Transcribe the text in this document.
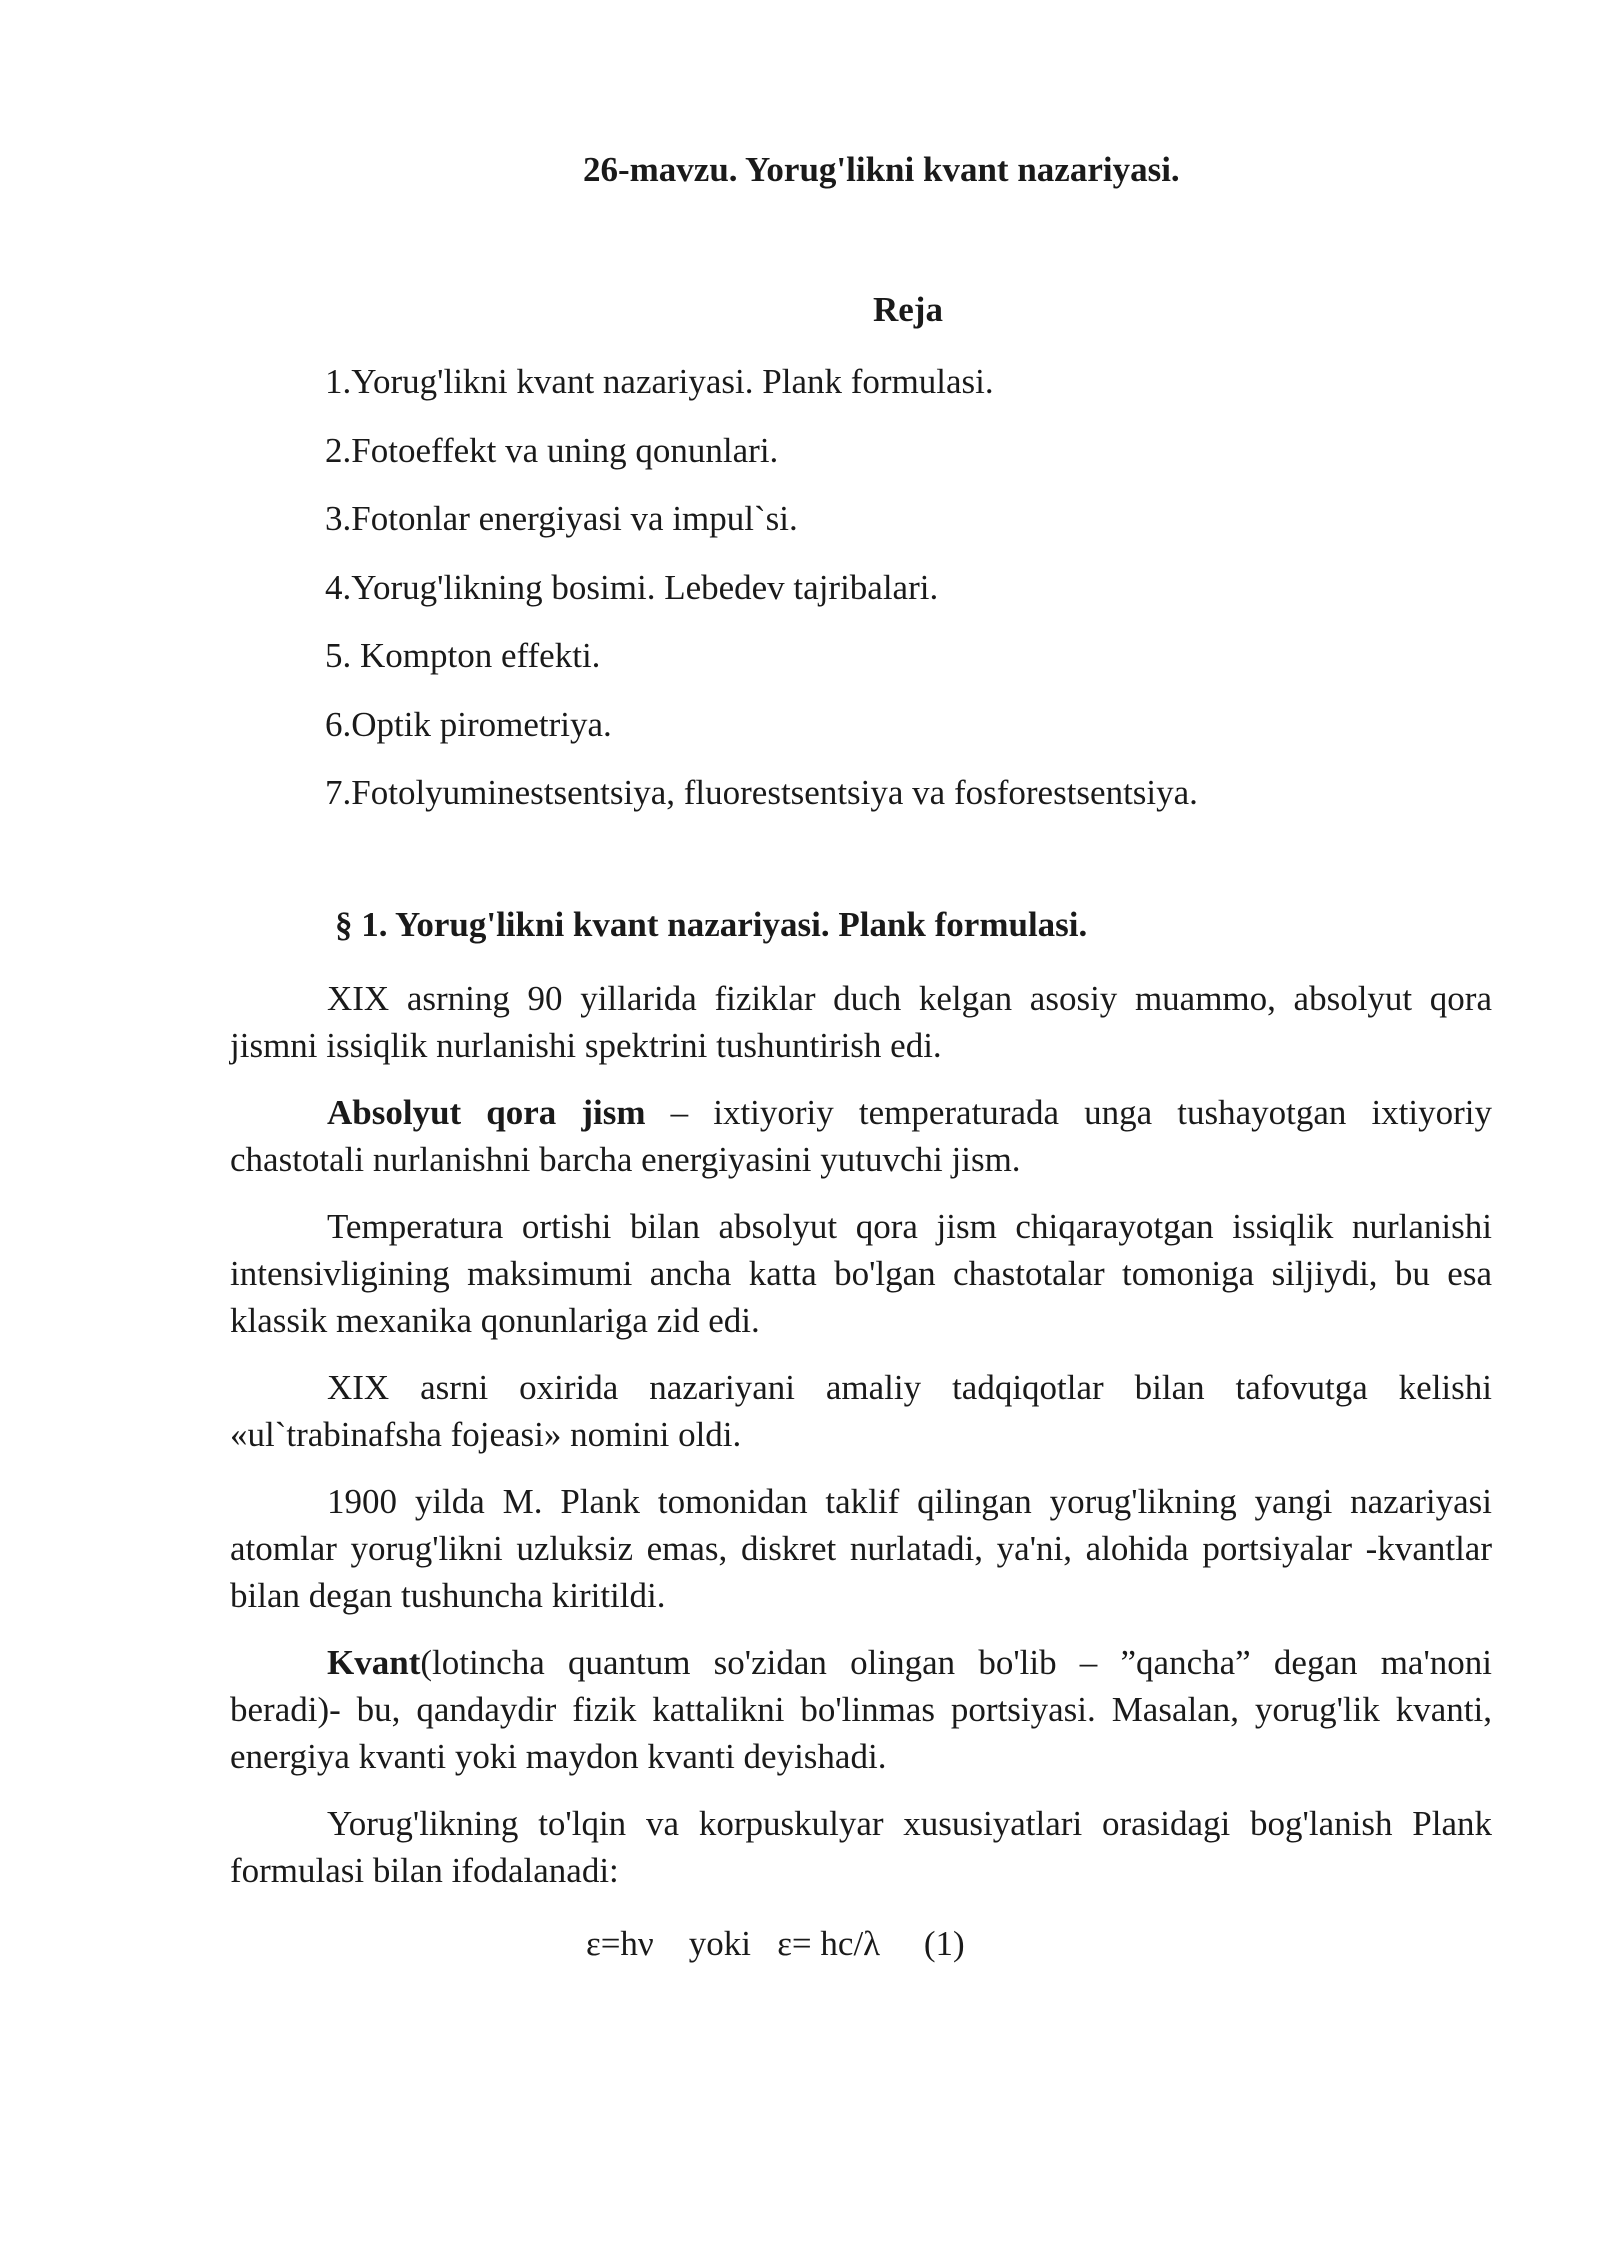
26-mavzu. Yorug'likni kvant nazariyasi.
Reja
1.Yorug'likni kvant nazariyasi. Plank formulasi.
2.Fotoeffekt va uning qonunlari.
3.Fotonlar energiyasi va impul`si.
4.Yorug'likning bosimi. Lebedev tajribalari.
5. Kompton effekti.
6.Optik pirometriya.
7.Fotolyuminestsentsiya, fluorestsentsiya va fosforestsentsiya.
§ 1. Yorug'likni kvant nazariyasi. Plank formulasi.

XIX asrning 90 yillarida fiziklar duch kelgan asosiy muammo, absolyut qora jismni issiqlik nurlanishi spektrini tushuntirish edi.

Absolyut qora jism – ixtiyoriy temperaturada unga tushayotgan ixtiyoriy chastotali nurlanishni barcha energiyasini yutuvchi jism.

Temperatura ortishi bilan absolyut qora jism chiqarayotgan issiqlik nurlanishi intensivligining maksimumi ancha katta bo'lgan chastotalar tomoniga siljiydi, bu esa klassik mexanika qonunlariga zid edi.

XIX asrni oxirida nazariyani amaliy tadqiqotlar bilan tafovutga kelishi «ul`trabinafsha fojeasi» nomini oldi.

1900 yilda M. Plank tomonidan taklif qilingan yorug'likning yangi nazariyasi atomlar yorug'likni uzluksiz emas, diskret nurlatadi, ya'ni, alohida portsiyalar -kvantlar bilan degan tushuncha kiritildi.

Kvant(lotincha quantum so'zidan olingan bo'lib – ”qancha” degan ma'noni beradi)- bu, qandaydir fizik kattalikni bo'linmas portsiyasi. Masalan, yorug'lik kvanti, energiya kvanti yoki maydon kvanti deyishadi.

Yorug'likning to'lqin va korpuskulyar xususiyatlari orasidagi bog'lanish Plank formulasi bilan ifodalanadi:

ε=hν    yoki   ε= hc/λ     (1)
